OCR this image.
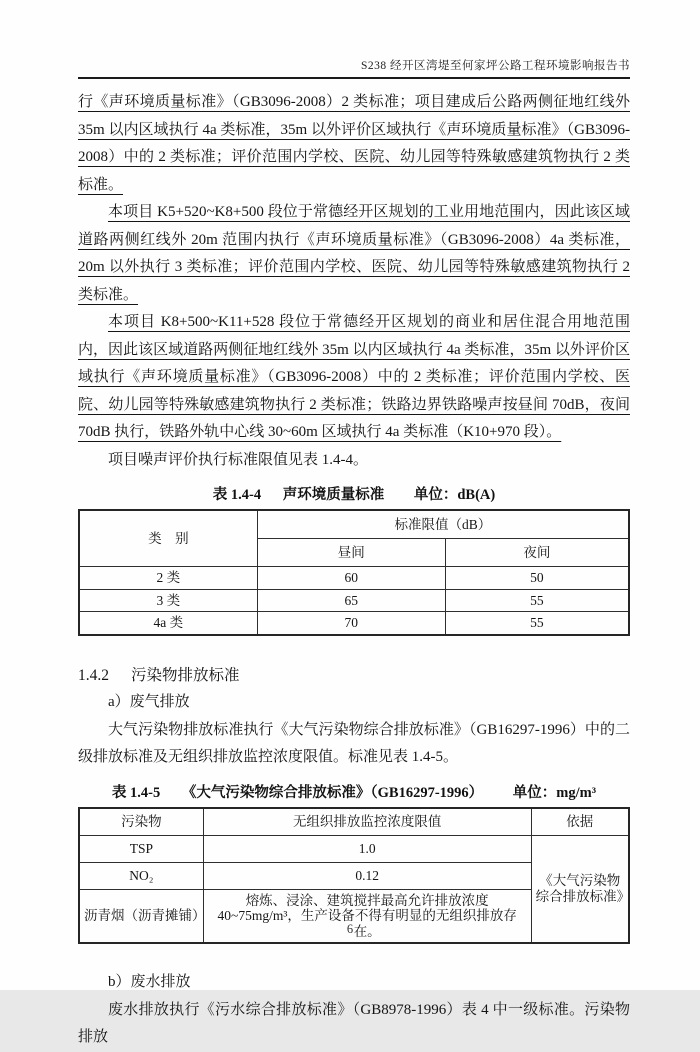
S238 经开区湾堤至何家坪公路工程环境影响报告书

行《声环境质量标准》（GB3096-2008）2 类标准；项目建成后公路两侧征地红线外 35m 以内区域执行 4a 类标准，35m 以外评价区域执行《声环境质量标准》（GB3096-2008）中的 2 类标准；评价范围内学校、医院、幼儿园等特殊敏感建筑物执行 2 类标准。

本项目 K5+520~K8+500 段位于常德经开区规划的工业用地范围内，因此该区域道路两侧红线外 20m 范围内执行《声环境质量标准》（GB3096-2008）4a 类标准，20m 以外执行 3 类标准；评价范围内学校、医院、幼儿园等特殊敏感建筑物执行 2 类标准。

本项目 K8+500~K11+528 段位于常德经开区规划的商业和居住混合用地范围内，因此该区域道路两侧征地红线外 35m 以内区域执行 4a 类标准，35m 以外评价区域执行《声环境质量标准》（GB3096-2008）中的 2 类标准；评价范围内学校、医院、幼儿园等特殊敏感建筑物执行 2 类标准；铁路边界铁路噪声按昼间 70dB，夜间 70dB 执行，铁路外轨中心线 30~60m 区域执行 4a 类标准（K10+970 段）。

项目噪声评价执行标准限值见表 1.4-4。

表 1.4-4 声环境质量标准 单位：dB(A)
类　别	标准限值（dB）	
	昼间	夜间
2 类	60	50
3 类	65	55
4a 类	70	55
1.4.2 污染物排放标准

a）废气排放

大气污染物排放标准执行《大气污染物综合排放标准》（GB16297-1996）中的二级排放标准及无组织排放监控浓度限值。标准见表 1.4-5。

表 1.4-5 《大气污染物综合排放标准》（GB16297-1996） 单位：mg/m³
污染物	无组织排放监控浓度限值	依据
TSP	1.0	《大气污染物综合排放标准》
NO₂	0.12	
沥青烟（沥青摊铺）	熔炼、浸涂、建筑搅拌最高允许排放浓度 40~75mg/m³，生产设备不得有明显的无组织排放存在。	

b）废水排放

废水排放执行《污水综合排放标准》（GB8978-1996）表 4 中一级标准。污染物排放

6
